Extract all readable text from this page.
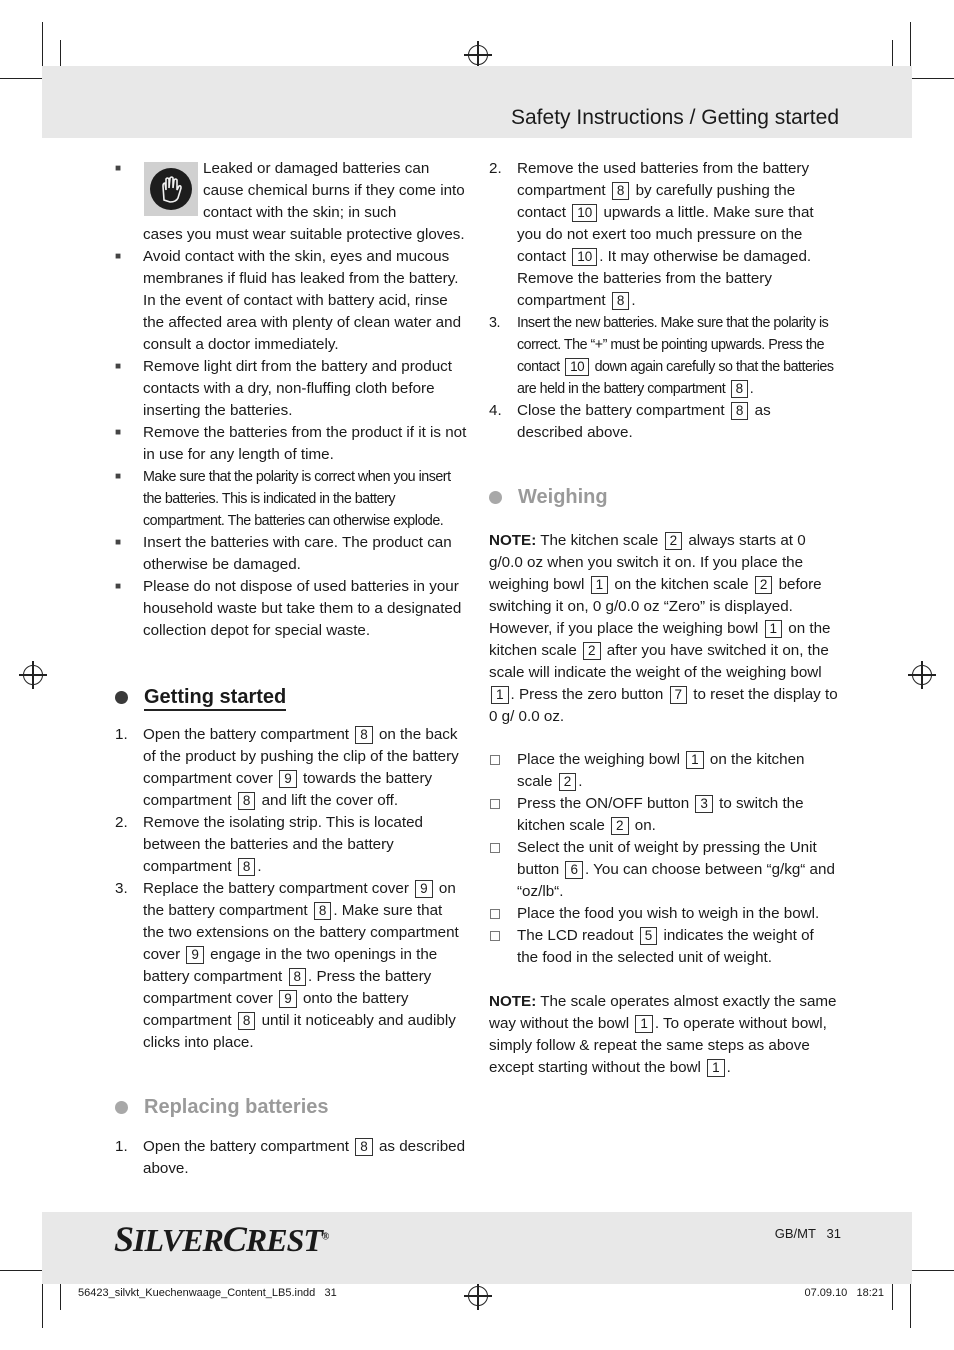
Safety Instructions / Getting started
■	Leaked or damaged batteries can cause chemical burns if they come into contact with the skin; in such
cases you must wear suitable protective gloves.
■ Avoid contact with the skin, eyes and mucous membranes if fluid has leaked from the battery. In the event of contact with battery acid, rinse the affected area with plenty of clean water and consult a doctor immediately.
■ Remove light dirt from the battery and product contacts with a dry, non-fluffing cloth before inserting the batteries.
■ Remove the batteries from the product if it is not in use for any length of time.
■ Make sure that the polarity is correct when you insert the batteries. This is indicated in the battery compartment. The batteries can otherwise explode.
■ Insert the batteries with care. The product can otherwise be damaged.
■ Please do not dispose of used batteries in your household waste but take them to a designated collection depot for special waste.
Getting started
1. Open the battery compartment 8 on the back of the product by pushing the clip of the battery compartment cover 9 towards the battery compartment 8 and lift the cover off.
2. Remove the isolating strip. This is located between the batteries and the battery compartment 8 .
3. Replace the battery compartment cover 9 on the battery compartment 8 . Make sure that the two extensions on the battery compartment cover 9 engage in the two openings in the battery compartment 8 . Press the battery compartment cover 9 onto the battery compartment 8 until it noticeably and audibly clicks into place.
Replacing batteries
1. Open the battery compartment 8 as described above.
2. Remove the used batteries from the battery compartment 8 by carefully pushing the contact 10 upwards a little. Make sure that you do not exert too much pressure on the contact 10 . It may otherwise be damaged. Remove the batteries from the battery compartment 8 .
3. Insert the new batteries. Make sure that the polarity is correct. The “+” must be pointing upwards. Press the contact 10 down again carefully so that the batteries are held in the battery compartment 8 .
4. Close the battery compartment 8 as described above.
Weighing
NOTE: The kitchen scale 2 always starts at 0 g/0.0 oz when you switch it on. If you place the weighing bowl 1 on the kitchen scale 2 before switching it on, 0 g/0.0 oz “Zero” is displayed. However, if you place the weighing bowl 1 on the kitchen scale 2 after you have switched it on, the scale will indicate the weight of the weighing bowl 1 . Press the zero button 7 to reset the display to 0 g/ 0.0 oz.
Place the weighing bowl 1 on the kitchen scale 2 .
Press the ON/OFF button 3 to switch the kitchen scale 2 on.
Select the unit of weight by pressing the Unit button 6 . You can choose between “g/kg“ and “oz/lb“.
Place the food you wish to weigh in the bowl.
The LCD readout 5 indicates the weight of the food in the selected unit of weight.
NOTE: The scale operates almost exactly the same way without the bowl 1 . To operate without bowl, simply follow & repeat the same steps as above except starting without the bowl 1 .
SILVERCREST®	GB/MT   31
56423_silvkt_Kuechenwaage_Content_LB5.indd   31	07.09.10   18:21
